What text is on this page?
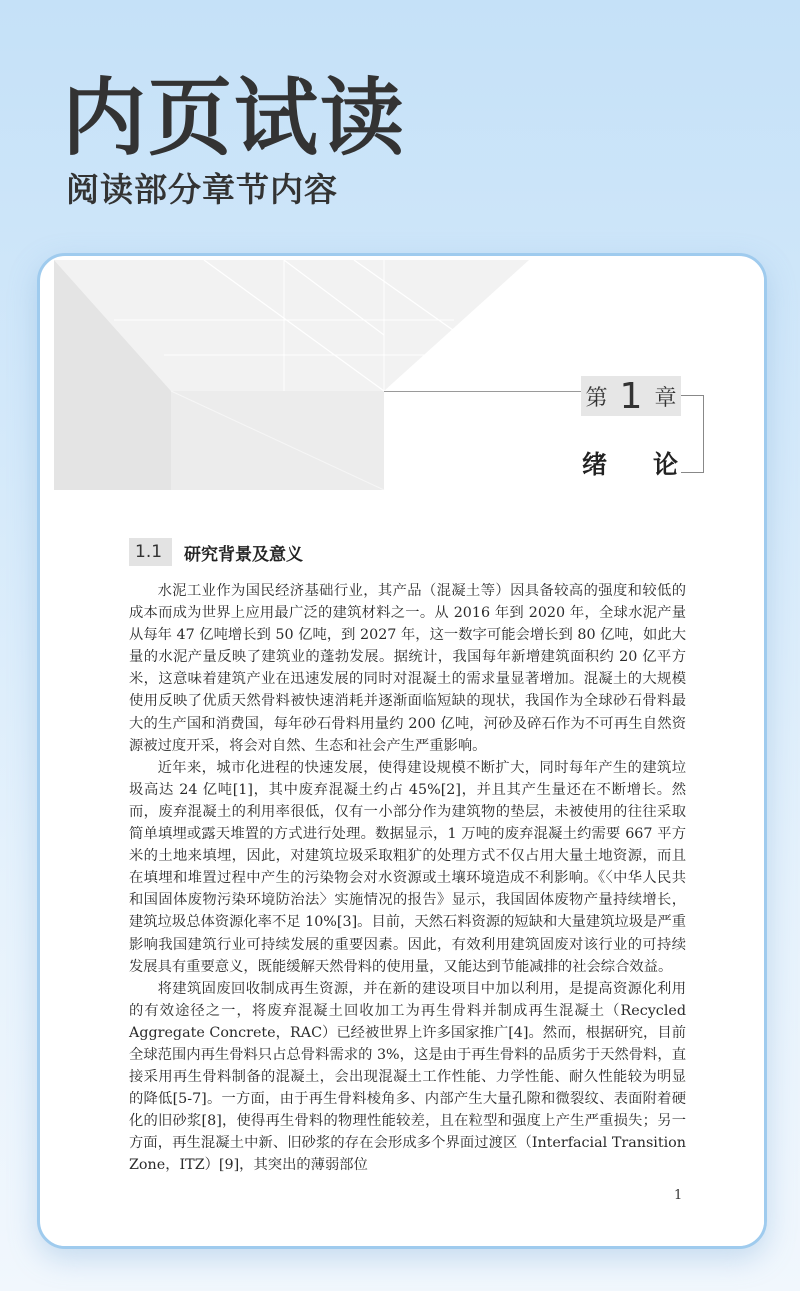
内页试读
阅读部分章节内容
第 1 章
绪 论
1.1	研究背景及意义

水泥工业作为国民经济基础行业，其产品（混凝土等）因具备较高的强度和较低的成本而成为世界上应用最广泛的建筑材料之一。从 2016 年到 2020 年，全球水泥产量从每年 47 亿吨增长到 50 亿吨，到 2027 年，这一数字可能会增长到 80 亿吨，如此大量的水泥产量反映了建筑业的蓬勃发展。据统计，我国每年新增建筑面积约 20 亿平方米，这意味着建筑产业在迅速发展的同时对混凝土的需求量显著增加。混凝土的大规模使用反映了优质天然骨料被快速消耗并逐渐面临短缺的现状，我国作为全球砂石骨料最大的生产国和消费国，每年砂石骨料用量约 200 亿吨，河砂及碎石作为不可再生自然资源被过度开采，将会对自然、生态和社会产生严重影响。

近年来，城市化进程的快速发展，使得建设规模不断扩大，同时每年产生的建筑垃圾高达 24 亿吨[1]，其中废弃混凝土约占 45%[2]，并且其产生量还在不断增长。然而，废弃混凝土的利用率很低，仅有一小部分作为建筑物的垫层，未被使用的往往采取简单填埋或露天堆置的方式进行处理。数据显示，1 万吨的废弃混凝土约需要 667 平方米的土地来填埋，因此，对建筑垃圾采取粗犷的处理方式不仅占用大量土地资源，而且在填埋和堆置过程中产生的污染物会对水资源或土壤环境造成不利影响。《〈中华人民共和国固体废物污染环境防治法〉实施情况的报告》显示，我国固体废物产量持续增长，建筑垃圾总体资源化率不足 10%[3]。目前，天然石料资源的短缺和大量建筑垃圾是严重影响我国建筑行业可持续发展的重要因素。因此，有效利用建筑固废对该行业的可持续发展具有重要意义，既能缓解天然骨料的使用量，又能达到节能减排的社会综合效益。

将建筑固废回收制成再生资源，并在新的建设项目中加以利用，是提高资源化利用的有效途径之一，将废弃混凝土回收加工为再生骨料并制成再生混凝土（Recycled Aggregate Concrete，RAC）已经被世界上许多国家推广[4]。然而，根据研究，目前全球范围内再生骨料只占总骨料需求的 3%，这是由于再生骨料的品质劣于天然骨料，直接采用再生骨料制备的混凝土，会出现混凝土工作性能、力学性能、耐久性能较为明显的降低[5-7]。一方面，由于再生骨料棱角多、内部产生大量孔隙和微裂纹、表面附着硬化的旧砂浆[8]，使得再生骨料的物理性能较差，且在粒型和强度上产生严重损失；另一方面，再生混凝土中新、旧砂浆的存在会形成多个界面过渡区（Interfacial Transition Zone，ITZ）[9]，其突出的薄弱部位

1
